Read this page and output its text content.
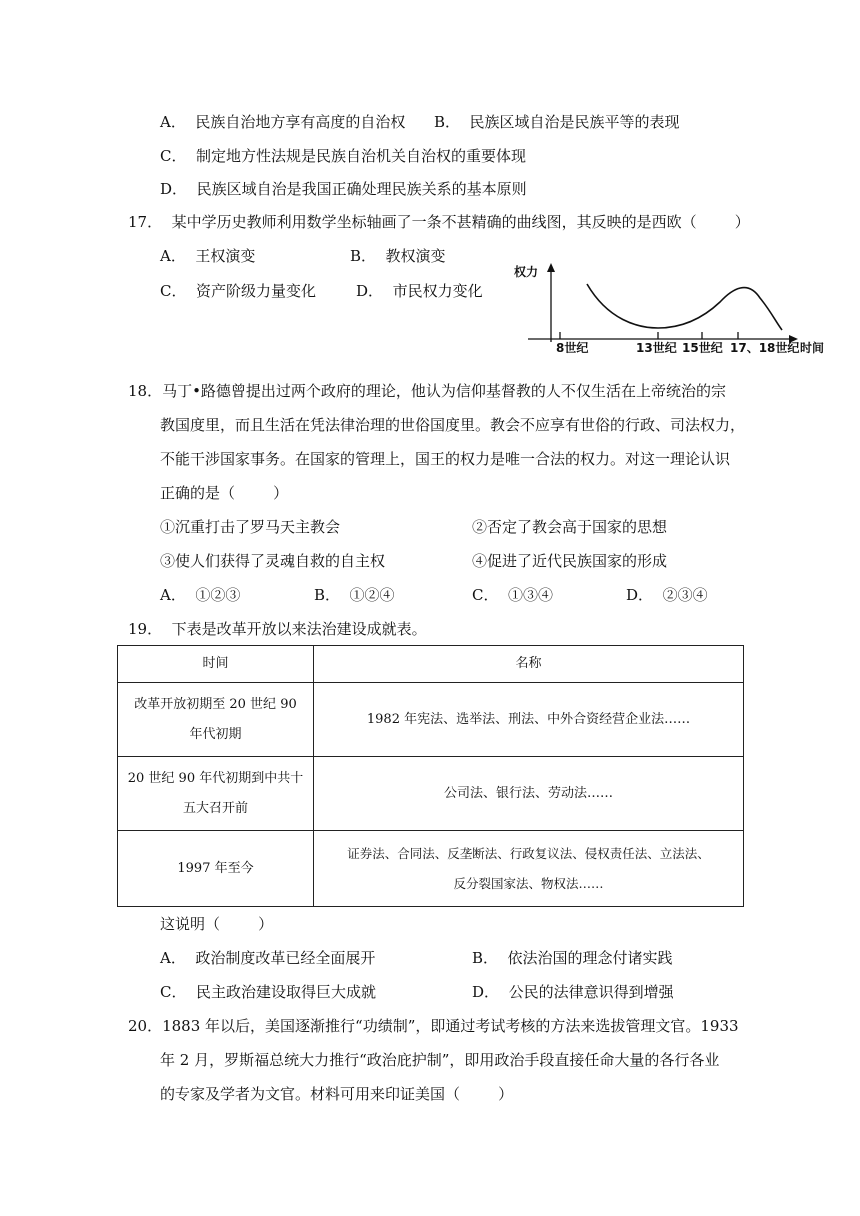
A．  民族自治地方享有高度的自治权 B．  民族区域自治是民族平等的表现
C．  制定地方性法规是民族自治机关自治权的重要体现
D．  民族区域自治是我国正确处理民族关系的基本原则
17．  某中学历史教师利用数学坐标轴画了一条不甚精确的曲线图，其反映的是西欧（        ）
A．  王权演变	B．  教权演变
C．  资产阶级力量变化	D．  市民权力变化
权力
时间
8世纪	13世纪 15世纪 17、18世纪
18．马丁•路德曾提出过两个政府的理论，他认为信仰基督教的人不仅生活在上帝统治的宗
教国度里，而且生活在凭法律治理的世俗国度里。教会不应享有世俗的行政、司法权力，
不能干涉国家事务。在国家的管理上，国王的权力是唯一合法的权力。对这一理论认识
正确的是（        ）
①沉重打击了罗马天主教会	②否定了教会高于国家的思想
③使人们获得了灵魂自救的自主权	④促进了近代民族国家的形成
A．  ①②③	B．  ①②④	C．  ①③④	D．  ②③④
19．  下表是改革开放以来法治建设成就表。
时间	名称

改革开放初期至 20 世纪 90
年代初期	1982 年宪法、选举法、刑法、中外合资经营企业法……

20 世纪 90 年代初期到中共十
五大召开前	公司法、银行法、劳动法……

1997 年至今	证券法、合同法、反垄断法、行政复议法、侵权责任法、立法法、
反分裂国家法、物权法……
这说明（        ）
A．  政治制度改革已经全面展开	B．  依法治国的理念付诸实践
C．  民主政治建设取得巨大成就	D．  公民的法律意识得到增强
20．1883 年以后，美国逐渐推行“功绩制”，即通过考试考核的方法来选拔管理文官。1933
年 2 月，罗斯福总统大力推行“政治庇护制”，即用政治手段直接任命大量的各行各业
的专家及学者为文官。材料可用来印证美国（        ）
